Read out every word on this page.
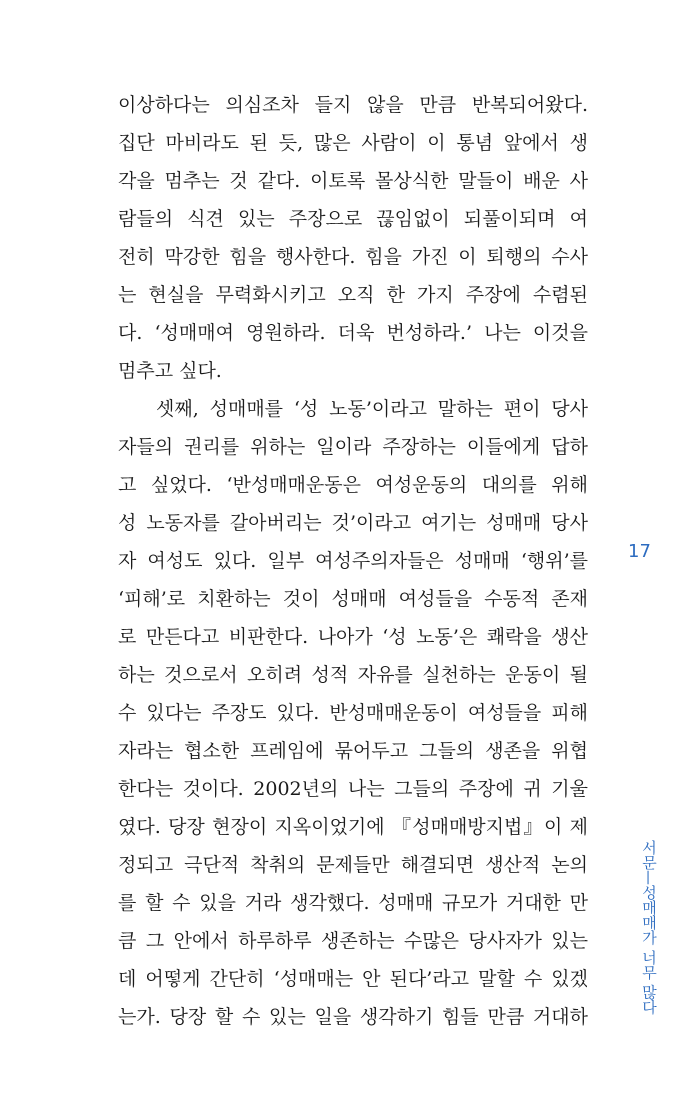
이상하다는 의심조차 들지 않을 만큼 반복되어왔다.
집단 마비라도 된 듯, 많은 사람이 이 통념 앞에서 생
각을 멈추는 것 같다. 이토록 몰상식한 말들이 배운 사
람들의 식견 있는 주장으로 끊임없이 되풀이되며 여
전히 막강한 힘을 행사한다. 힘을 가진 이 퇴행의 수사
는 현실을 무력화시키고 오직 한 가지 주장에 수렴된
다. ‘성매매여 영원하라. 더욱 번성하라.’ 나는 이것을
멈추고 싶다.
셋째, 성매매를 ‘성 노동’이라고 말하는 편이 당사
자들의 권리를 위하는 일이라 주장하는 이들에게 답하
고 싶었다. ‘반성매매운동은 여성운동의 대의를 위해
성 노동자를 갈아버리는 것’이라고 여기는 성매매 당사
자 여성도 있다. 일부 여성주의자들은 성매매 ‘행위’를
‘피해’로 치환하는 것이 성매매 여성들을 수동적 존재
로 만든다고 비판한다. 나아가 ‘성 노동’은 쾌락을 생산
하는 것으로서 오히려 성적 자유를 실천하는 운동이 될
수 있다는 주장도 있다. 반성매매운동이 여성들을 피해
자라는 협소한 프레임에 묶어두고 그들의 생존을 위협
한다는 것이다. 2002년의 나는 그들의 주장에 귀 기울
였다. 당장 현장이 지옥이었기에 『성매매방지법』이 제
정되고 극단적 착취의 문제들만 해결되면 생산적 논의
를 할 수 있을 거라 생각했다. 성매매 규모가 거대한 만
큼 그 안에서 하루하루 생존하는 수많은 당사자가 있는
데 어떻게 간단히 ‘성매매는 안 된다’라고 말할 수 있겠
는가. 당장 할 수 있는 일을 생각하기 힘들 만큼 거대하
17
서문—성매매가 너무 많다
